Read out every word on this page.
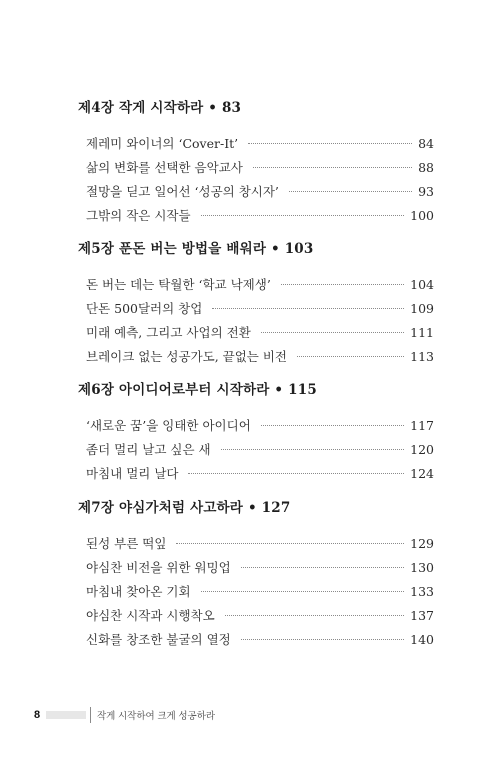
제4장 작게 시작하라 • 83
제레미 와이너의 ‘Cover-It’	84
삶의 변화를 선택한 음악교사	88
절망을 딛고 일어선 ‘성공의 창시자’	93
그밖의 작은 시작들	100
제5장 푼돈 버는 방법을 배워라 • 103
돈 버는 데는 탁월한 ‘학교 낙제생’	104
단돈 500달러의 창업	109
미래 예측, 그리고 사업의 전환	111
브레이크 없는 성공가도, 끝없는 비전	113
제6장 아이디어로부터 시작하라 • 115
‘새로운 꿈’을 잉태한 아이디어	117
좀더 멀리 날고 싶은 새	120
마침내 멀리 날다	124
제7장 야심가처럼 사고하라 • 127
된성 부른 떡잎	129
야심찬 비전을 위한 워밍업	130
마침내 찾아온 기회	133
야심찬 시작과 시행착오	137
신화를 창조한 불굴의 열정	140
8	작게 시작하여 크게 성공하라
